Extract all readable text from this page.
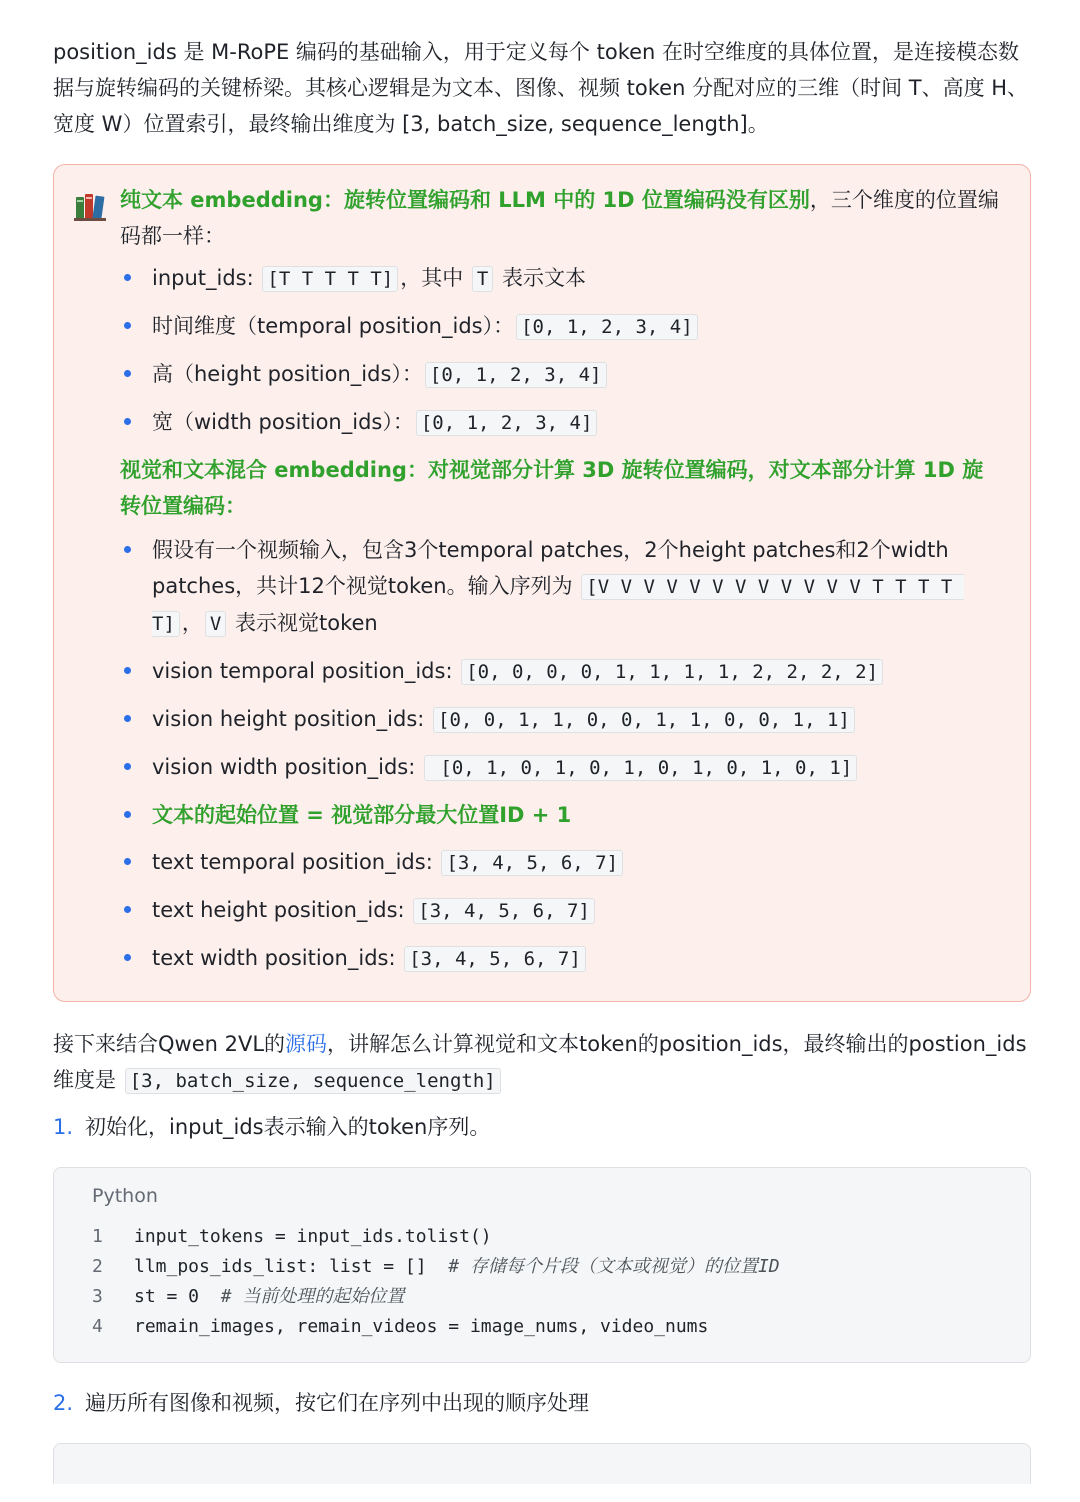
position_ids 是 M-RoPE 编码的基础输入，用于定义每个 token 在时空维度的具体位置，是连接模态数据与旋转编码的关键桥梁。其核心逻辑是为文本、图像、视频 token 分配对应的三维（时间 T、高度 H、宽度 W）位置索引，最终输出维度为 [3, batch_size, sequence_length]。

纯文本 embedding：旋转位置编码和 LLM 中的 1D 位置编码没有区别，三个维度的位置编码都一样：

input_ids: [T T T T T] ，其中 T 表示文本
时间维度（temporal position_ids）： [0, 1, 2, 3, 4]
高（height position_ids）： [0, 1, 2, 3, 4]
宽（width position_ids）： [0, 1, 2, 3, 4]

视觉和文本混合 embedding：对视觉部分计算 3D 旋转位置编码，对文本部分计算 1D 旋转位置编码：

假设有一个视频输入，包含3个temporal patches，2个height patches和2个width patches，共计12个视觉token。输入序列为 [V V V V V V V V V V V V T T T T T] ， V 表示视觉token
vision temporal position_ids: [0, 0, 0, 0, 1, 1, 1, 1, 2, 2, 2, 2]
vision height position_ids: [0, 0, 1, 1, 0, 0, 1, 1, 0, 0, 1, 1]
vision width position_ids:  [0, 1, 0, 1, 0, 1, 0, 1, 0, 1, 0, 1]
文本的起始位置 = 视觉部分最大位置ID + 1
text temporal position_ids: [3, 4, 5, 6, 7]
text height position_ids: [3, 4, 5, 6, 7]
text width position_ids: [3, 4, 5, 6, 7]

接下来结合Qwen 2VL的源码，讲解怎么计算视觉和文本token的position_ids，最终输出的postion_ids维度是 [3, batch_size, sequence_length]

1. 初始化，input_ids表示输入的token序列。
Python
1 input_tokens = input_ids.tolist()
2 llm_pos_ids_list: list = []  # 存储每个片段（文本或视觉）的位置ID
3 st = 0  # 当前处理的起始位置
4 remain_images, remain_videos = image_nums, video_nums
2. 遍历所有图像和视频，按它们在序列中出现的顺序处理
